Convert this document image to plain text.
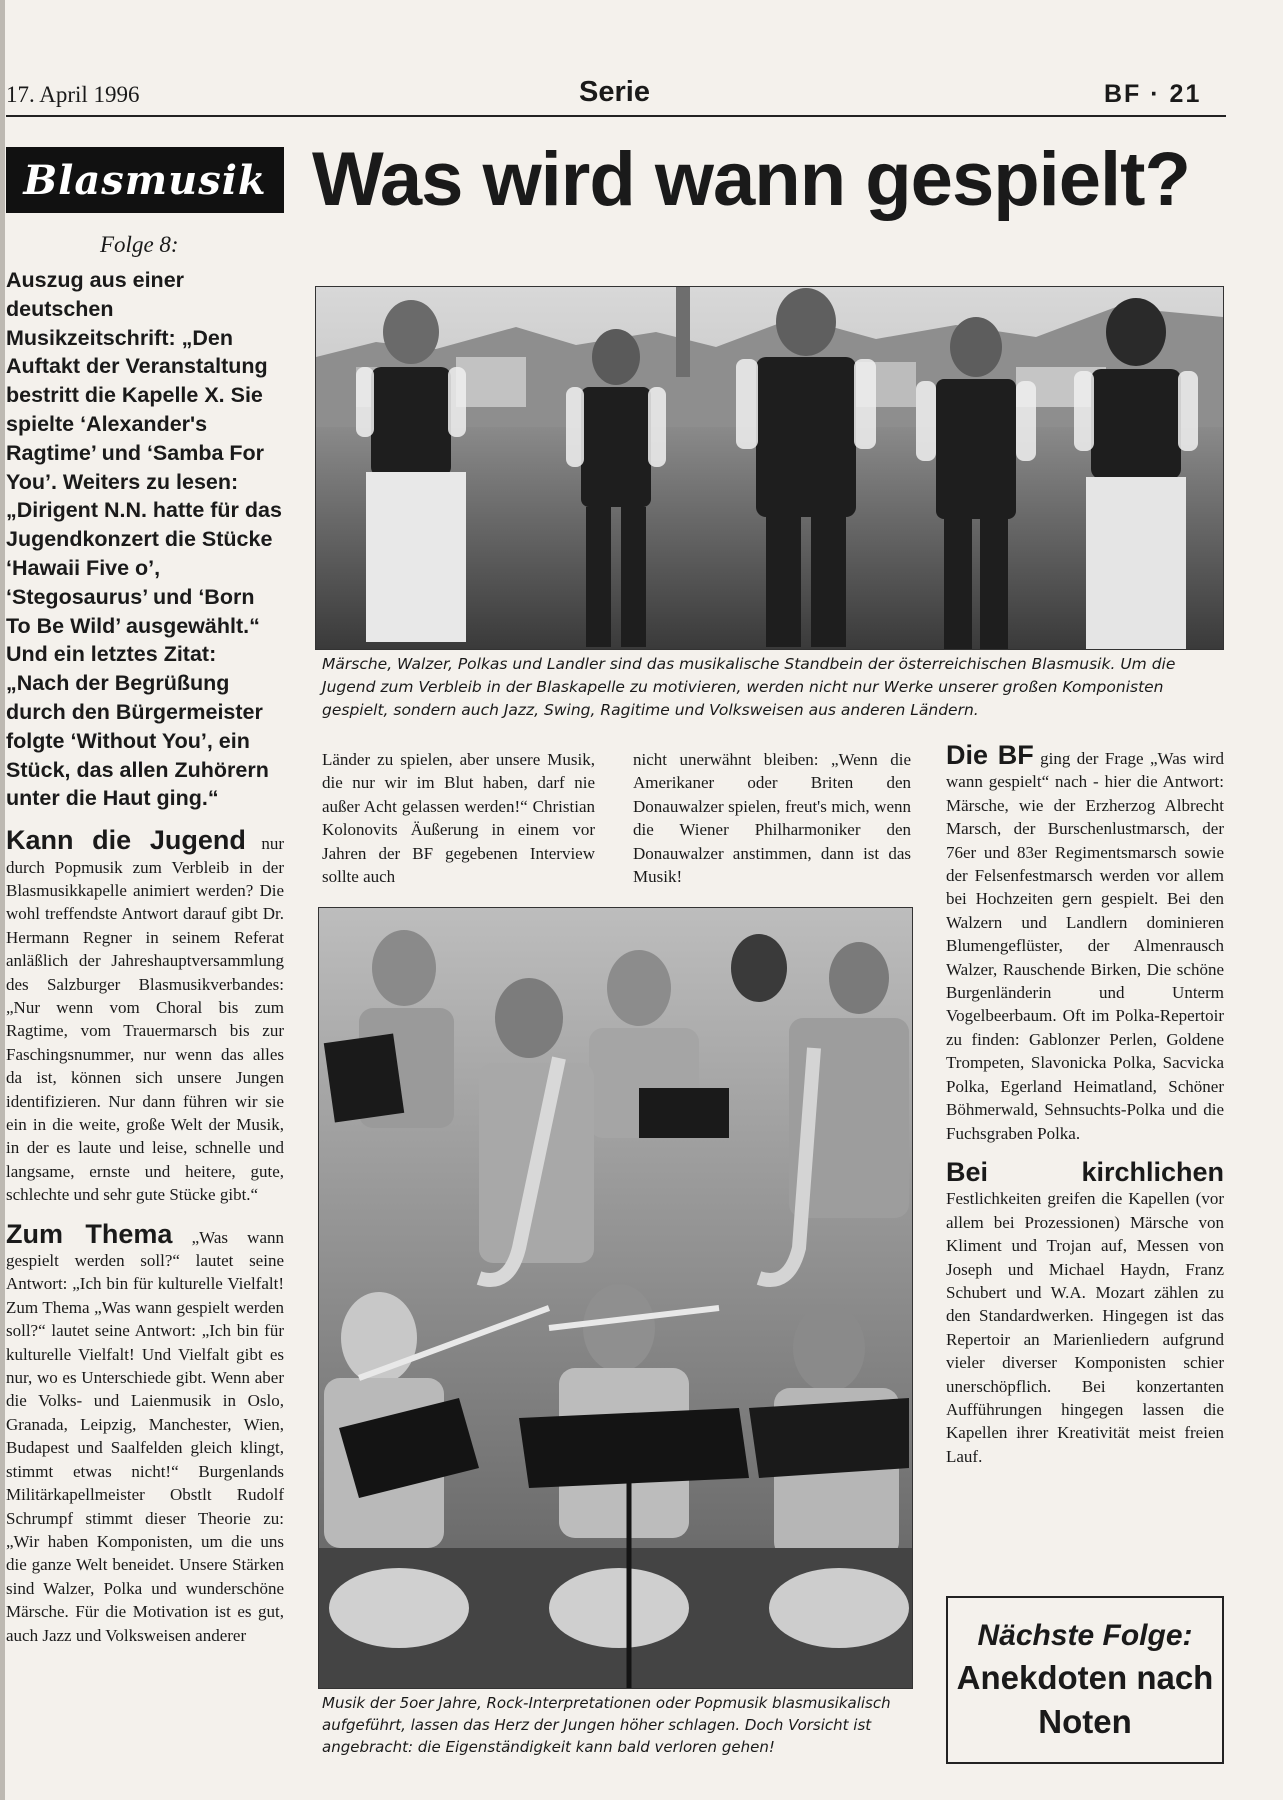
17. April 1996	Serie	BF · 21
Blasmusik Was wird wann gespielt?
Folge 8:

Auszug aus einer deutschen Musikzeitschrift: „Den Auftakt der Veranstaltung bestritt die Kapelle X. Sie spielte ‘Alexander's Ragtime’ und ‘Samba For You’. Weiters zu lesen: „Dirigent N.N. hatte für das Jugendkonzert die Stücke ‘Hawaii Five o’, ‘Stegosaurus’ und ‘Born To Be Wild’ ausgewählt.“ Und ein letztes Zitat: „Nach der Begrüßung durch den Bürgermeister folgte ‘Without You’, ein Stück, das allen Zuhörern unter die Haut ging.“

Kann die Jugend nur durch Popmusik zum Verbleib in der Blasmusikkapelle animiert werden? Die wohl treffendste Antwort darauf gibt Dr. Hermann Regner in seinem Referat anläßlich der Jahreshauptversammlung des Salzburger Blasmusikverbandes: „Nur wenn vom Choral bis zum Ragtime, vom Trauermarsch bis zur Faschingsnummer, nur wenn das alles da ist, können sich unsere Jungen identifizieren. Nur dann führen wir sie ein in die weite, große Welt der Musik, in der es laute und leise, schnelle und langsame, ernste und heitere, gute, schlechte und sehr gute Stücke gibt.“

Zum Thema „Was wann gespielt werden soll?“ lautet seine Antwort: „Ich bin für kulturelle Vielfalt! Zum Thema „Was wann gespielt werden soll?“ lautet seine Antwort: „Ich bin für kulturelle Vielfalt! Und Vielfalt gibt es nur, wo es Unterschiede gibt. Wenn aber die Volks- und Laienmusik in Oslo, Granada, Leipzig, Manchester, Wien, Budapest und Saalfelden gleich klingt, stimmt etwas nicht!“ Burgenlands Militärkapellmeister Obstlt Rudolf Schrumpf stimmt dieser Theorie zu: „Wir haben Komponisten, um die uns die ganze Welt beneidet. Unsere Stärken sind Walzer, Polka und wunderschöne Märsche. Für die Motivation ist es gut, auch Jazz und Volksweisen anderer

Märsche, Walzer, Polkas und Landler sind das musikalische Standbein der österreichischen Blasmusik. Um die Jugend zum Verbleib in der Blaskapelle zu motivieren, werden nicht nur Werke unserer großen Komponisten gespielt, sondern auch Jazz, Swing, Ragitime und Volksweisen aus anderen Ländern.

Länder zu spielen, aber unsere Musik, die nur wir im Blut haben, darf nie außer Acht gelassen werden!“ Christian Kolonovits Äußerung in einem vor Jahren der BF gegebenen Interview sollte auch

nicht unerwähnt bleiben: „Wenn die Amerikaner oder Briten den Donauwalzer spielen, freut's mich, wenn die Wiener Philharmoniker den Donauwalzer anstimmen, dann ist das Musik!

Musik der 5oer Jahre, Rock-Interpretationen oder Popmusik blasmusikalisch aufgeführt, lassen das Herz der Jungen höher schlagen. Doch Vorsicht ist angebracht: die Eigenständigkeit kann bald verloren gehen!

Die BF ging der Frage „Was wird wann gespielt“ nach - hier die Antwort: Märsche, wie der Erzherzog Albrecht Marsch, der Burschenlustmarsch, der 76er und 83er Regimentsmarsch sowie der Felsenfestmarsch werden vor allem bei Hochzeiten gern gespielt. Bei den Walzern und Landlern dominieren Blumengeflüster, der Almenrausch Walzer, Rauschende Birken, Die schöne Burgenländerin und Unterm Vogelbeerbaum. Oft im Polka-Repertoir zu finden: Gablonzer Perlen, Goldene Trompeten, Slavonicka Polka, Sacvicka Polka, Egerland Heimatland, Schöner Böhmerwald, Sehnsuchts-Polka und die Fuchsgraben Polka.

Bei kirchlichen Festlichkeiten greifen die Kapellen (vor allem bei Prozessionen) Märsche von Kliment und Trojan auf, Messen von Joseph und Michael Haydn, Franz Schubert und W.A. Mozart zählen zu den Standardwerken. Hingegen ist das Repertoir an Marienliedern aufgrund vieler diverser Komponisten schier unerschöpflich. Bei konzertanten Aufführungen hingegen lassen die Kapellen ihrer Kreativität meist freien Lauf.

Nächste Folge:
Anekdoten nach Noten
